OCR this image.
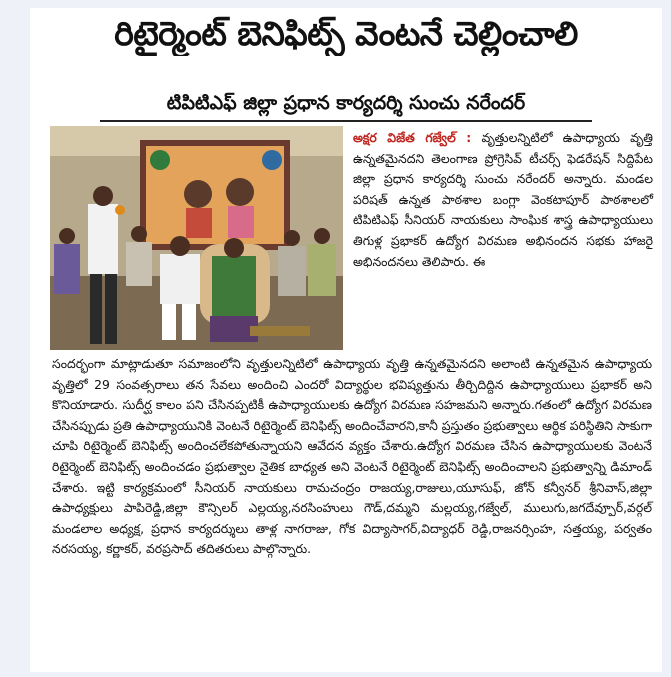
రిటైర్మెంట్ బెనిఫిట్స్ వెంటనే చెల్లించాలి
టిపిటిఎఫ్ జిల్లా ప్రధాన కార్యదర్శి సుంచు నరేందర్
అక్షర విజేత గజ్వేల్ : వృత్తులన్నిటిలో ఉపాధ్యాయ వృత్తి ఉన్నతమైనదని తెలంగాణ ప్రోగ్రెసివ్ టీచర్స్ ఫెడరేషన్ సిద్దిపేట జిల్లా ప్రధాన కార్యదర్శి సుంచు నరేందర్ అన్నారు. మండల పరిషత్ ఉన్నత పాఠశాల బంగ్లా వెంకటాపూర్ పాఠశాలలో టిపిటిఎఫ్ సీనియర్ నాయకులు సాంఘిక శాస్త్ర ఉపాధ్యాయులు తిగుళ్ల ప్రభాకర్ ఉద్యోగ విరమణ అభినందన సభకు హాజరై అభినందనలు తెలిపారు. ఈ
సందర్భంగా మాట్లాడుతూ సమాజంలోని వృత్తులన్నిటిలో ఉపాధ్యాయ వృత్తి ఉన్నతమైనదని అలాంటి ఉన్నతమైన ఉపాధ్యాయ వృత్తిలో 29 సంవత్సరాలు తన సేవలు అందించి ఎందరో విద్యార్థుల భవిష్యత్తును తీర్చిదిద్దిన ఉపాధ్యాయులు ప్రభాకర్ అని కొనియాడారు. సుదీర్ఘ కాలం పని చేసినప్పటికీ ఉపాధ్యాయులకు ఉద్యోగ విరమణ సహజమని అన్నారు.గతంలో ఉద్యోగ విరమణ చేసినప్పుడు ప్రతి ఉపాధ్యాయునికి వెంటనే రిటైర్మెంట్ బెనిఫిట్స్ అందించేవారని,కానీ ప్రస్తుతం ప్రభుత్వాలు ఆర్థిక పరిస్థితిని సాకుగా చూపి రిటైర్మెంట్ బెనిఫిట్స్ అందించలేకపోతున్నాయని ఆవేదన వ్యక్తం చేశారు.ఉద్యోగ విరమణ చేసిన ఉపాధ్యాయులకు వెంటనే రిటైర్మెంట్ బెనిఫిట్స్ అందించడం ప్రభుత్వాల నైతిక బాధ్యత అని వెంటనే రిటైర్మెంట్ బెనిఫిట్స్ అందించాలని ప్రభుత్వాన్ని డిమాండ్ చేశారు. ఇట్టి కార్యక్రమంలో సీనియర్ నాయకులు రామచంద్రం రాజయ్య,రాజులు,యూసుఫ్, జోన్ కన్వీనర్ శ్రీనివాస్,జిల్లా ఉపాధ్యక్షులు పాపిరెడ్డి,జిల్లా కౌన్సిలర్ ఎల్లయ్య,నరసింహులు గౌడ్,దమ్మని మల్లయ్య,గజ్వేల్, ములుగు,జగదేవ్పూర్,వర్గల్ మండలాల అధ్యక్ష, ప్రధాన కార్యదర్శులు తాళ్ల నాగరాజు, గోక విద్యాసాగర్,విద్యాధర్ రెడ్డి,రాజనర్సింహ, సత్తయ్య, పర్వతం నరసయ్య, కర్ణాకర్, వరప్రసాద్ తదితరులు పాల్గొన్నారు.
